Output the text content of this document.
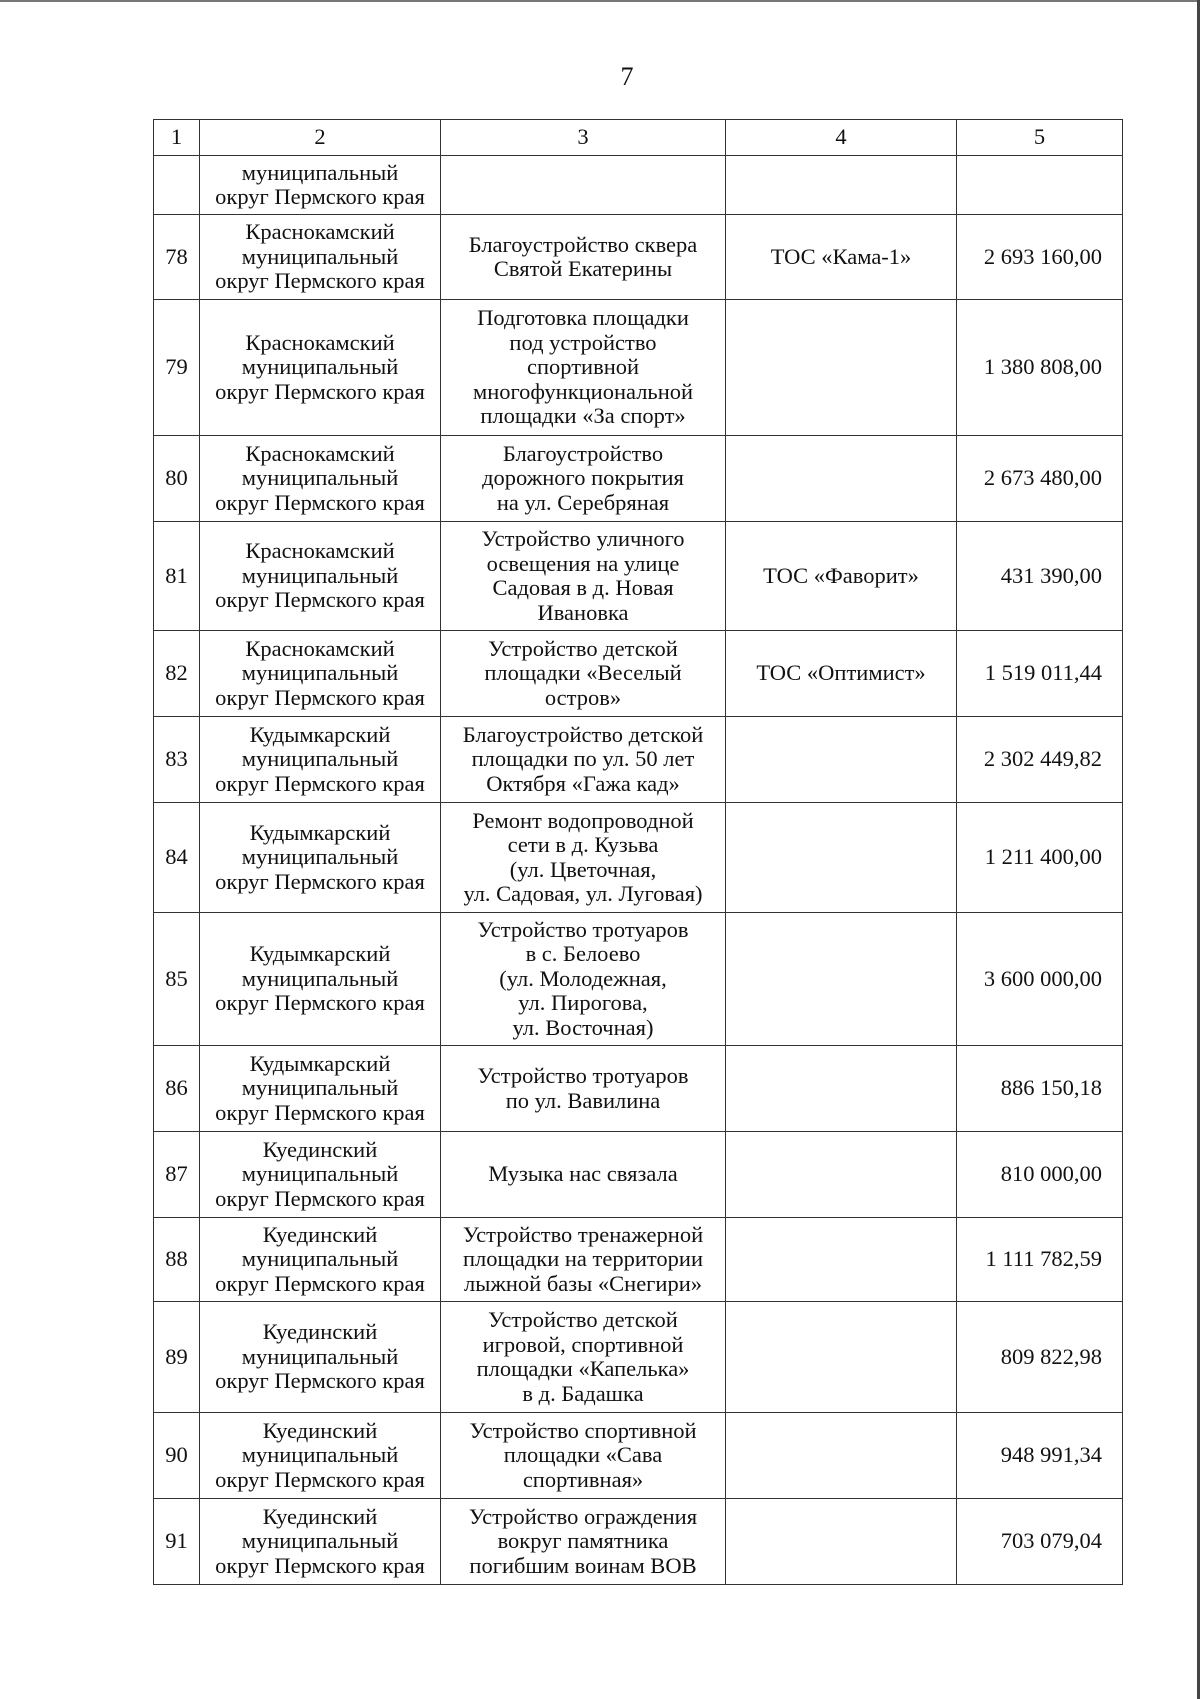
7
1	2	3	4	5

	муниципальный
округ Пермского края			

78	Краснокамский
муниципальный
округ Пермского края	Благоустройство сквера
Святой Екатерины	ТОС «Кама-1»	2 693 160,00
79	Краснокамский
муниципальный
округ Пермского края	Подготовка площадки
под устройство
спортивной
многофункциональной
площадки «За спорт»		1 380 808,00
80	Краснокамский
муниципальный
округ Пермского края	Благоустройство
дорожного покрытия
на ул. Серебряная		2 673 480,00
81	Краснокамский
муниципальный
округ Пермского края	Устройство уличного
освещения на улице
Садовая в д. Новая
Ивановка	ТОС «Фаворит»	431 390,00
82	Краснокамский
муниципальный
округ Пермского края	Устройство детской
площадки «Веселый
остров»	ТОС «Оптимист»	1 519 011,44
83	Кудымкарский
муниципальный
округ Пермского края	Благоустройство детской
площадки по ул. 50 лет
Октября «Гажа кад»		2 302 449,82
84	Кудымкарский
муниципальный
округ Пермского края	Ремонт водопроводной
сети в д. Кузьва
(ул. Цветочная,
ул. Садовая, ул. Луговая)		1 211 400,00
85	Кудымкарский
муниципальный
округ Пермского края	Устройство тротуаров
в с. Белоево
(ул. Молодежная,
ул. Пирогова,
ул. Восточная)		3 600 000,00
86	Кудымкарский
муниципальный
округ Пермского края	Устройство тротуаров
по ул. Вавилина		886 150,18
87	Куединский
муниципальный
округ Пермского края	Музыка нас связала		810 000,00
88	Куединский
муниципальный
округ Пермского края	Устройство тренажерной
площадки на территории
лыжной базы «Снегири»		1 111 782,59
89	Куединский
муниципальный
округ Пермского края	Устройство детской
игровой, спортивной
площадки «Капелька»
в д. Бадашка		809 822,98
90	Куединский
муниципальный
округ Пермского края	Устройство спортивной
площадки «Сава
спортивная»		948 991,34
91	Куединский
муниципальный
округ Пермского края	Устройство ограждения
вокруг памятника
погибшим воинам ВОВ		703 079,04
